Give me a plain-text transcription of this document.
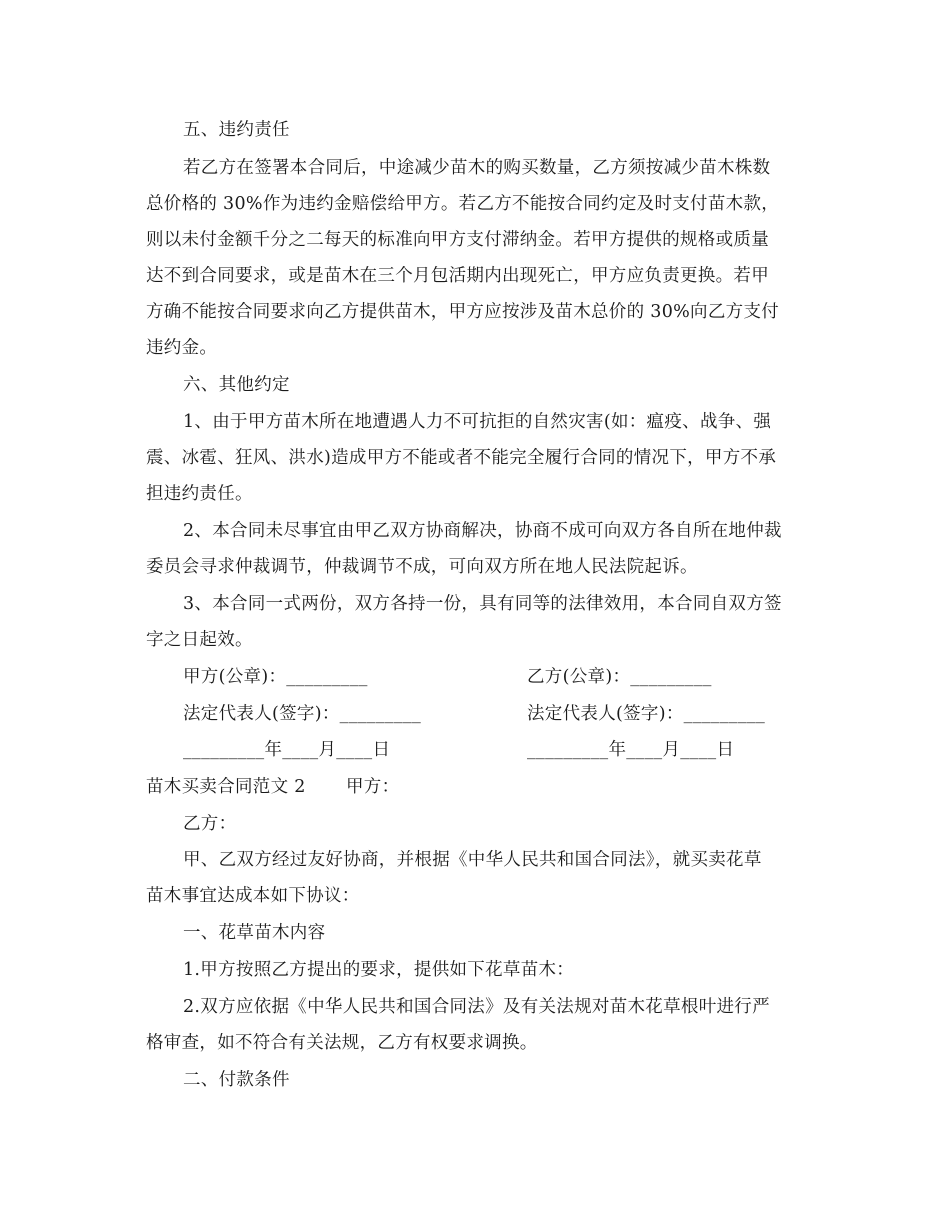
五、违约责任
若乙方在签署本合同后，中途减少苗木的购买数量，乙方须按减少苗木株数
总价格的 30%作为违约金赔偿给甲方。若乙方不能按合同约定及时支付苗木款，
则以未付金额千分之二每天的标准向甲方支付滞纳金。若甲方提供的规格或质量
达不到合同要求，或是苗木在三个月包活期内出现死亡，甲方应负责更换。若甲
方确不能按合同要求向乙方提供苗木，甲方应按涉及苗木总价的 30%向乙方支付
违约金。
六、其他约定
1、由于甲方苗木所在地遭遇人力不可抗拒的自然灾害(如：瘟疫、战争、强
震、冰雹、狂风、洪水)造成甲方不能或者不能完全履行合同的情况下，甲方不承
担违约责任。
2、本合同未尽事宜由甲乙双方协商解决，协商不成可向双方各自所在地仲裁
委员会寻求仲裁调节，仲裁调节不成，可向双方所在地人民法院起诉。
3、本合同一式两份，双方各持一份，具有同等的法律效用，本合同自双方签
字之日起效。
甲方(公章)：_________	乙方(公章)：_________
法定代表人(签字)：_________	法定代表人(签字)：_________
_________年____月____日	_________年____月____日
苗木买卖合同范文 2 甲方：
乙方：
甲、乙双方经过友好协商，并根据《中华人民共和国合同法》，就买卖花草
苗木事宜达成本如下协议：
一、花草苗木内容
1.甲方按照乙方提出的要求，提供如下花草苗木：
2.双方应依据《中华人民共和国合同法》及有关法规对苗木花草根叶进行严
格审查，如不符合有关法规，乙方有权要求调换。
二、付款条件
